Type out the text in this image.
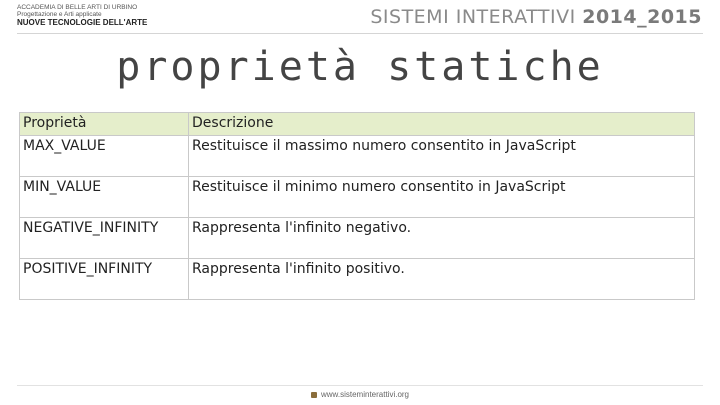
ACCADEMIA DI BELLE ARTI DI URBINO
Progettazione e Arti applicate
NUOVE TECNOLOGIE DELL'ARTE	SISTEMI INTERATTIVI 2014_2015
proprietà statiche
Proprietà	Descrizione
MAX_VALUE	Restituisce il massimo numero consentito in JavaScript
MIN_VALUE	Restituisce il minimo numero consentito in JavaScript
NEGATIVE_INFINITY	Rappresenta l'infinito negativo.
POSITIVE_INFINITY	Rappresenta l'infinito positivo.
www.sisteminterattivi.org
